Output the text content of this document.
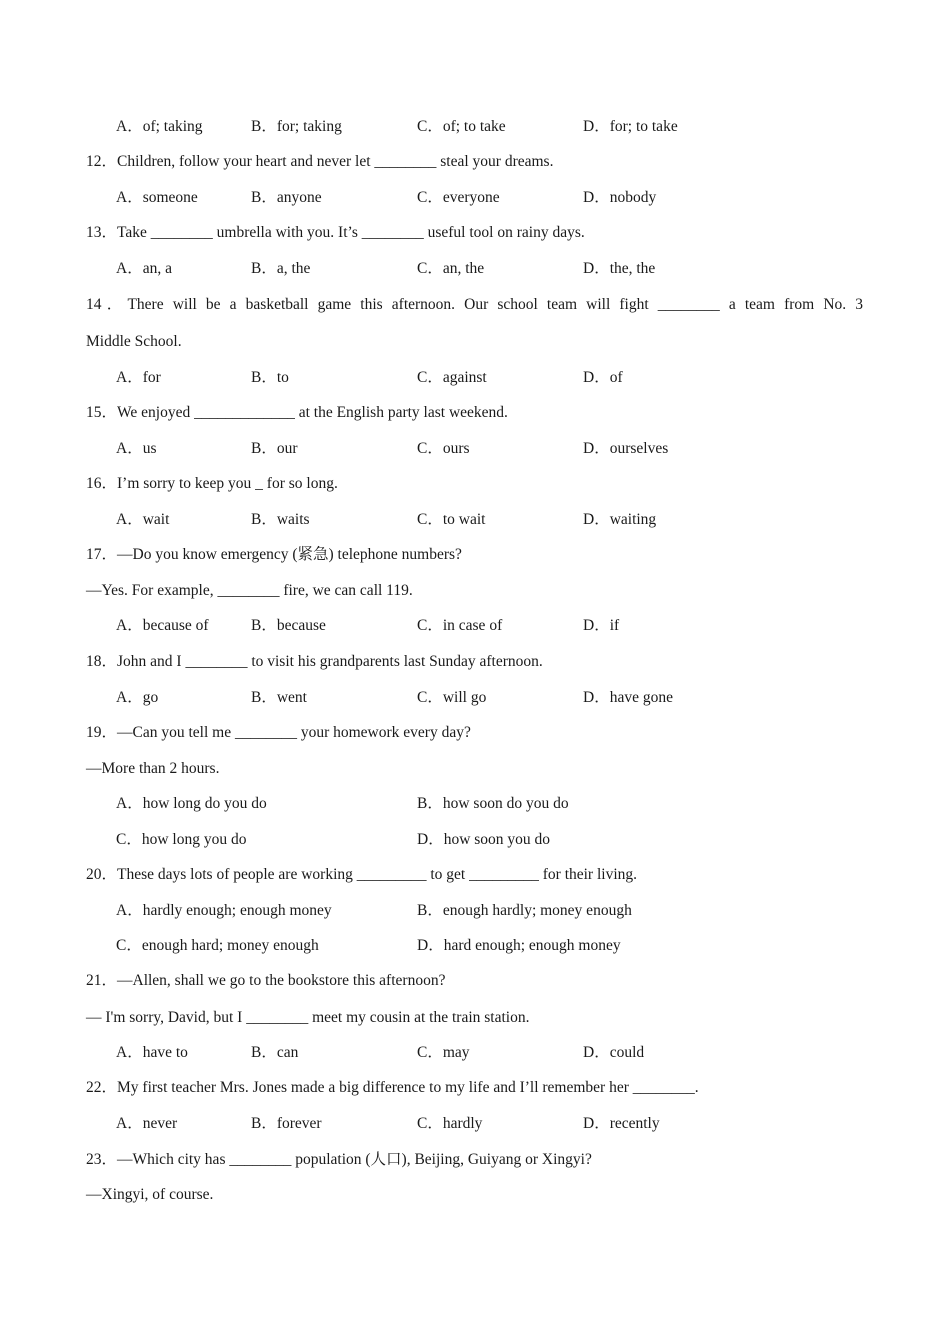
A．of; taking	B．for; taking	C．of; to take	D．for; to take
12．Children, follow your heart and never let ________ steal your dreams.
A．someone	B．anyone	C．everyone	D．nobody
13．Take ________ umbrella with you. It’s ________ useful tool on rainy days.
A．an, a	B．a, the	C．an, the	D．the, the
14．There will be a basketball game this afternoon. Our school team will fight ________ a team from No. 3
Middle School.
A．for	B．to	C．against	D．of
15．We enjoyed _____________ at the English party last weekend.
A．us	B．our	C．ours	D．ourselves
16．I’m sorry to keep you _ for so long.
A．wait	B．waits	C．to wait	D．waiting
17．—Do you know emergency (紧急) telephone numbers?
—Yes. For example, ________ fire, we can call 119.
A．because of	B．because	C．in case of	D．if
18．John and I ________ to visit his grandparents last Sunday afternoon.
A．go	B．went	C．will go	D．have gone
19．—Can you tell me ________ your homework every day?
—More than 2 hours.
A．how long do you do	B．how soon do you do
C．how long you do	D．how soon you do
20．These days lots of people are working _________ to get _________ for their living.
A．hardly enough; enough money	B．enough hardly; money enough
C．enough hard; money enough	D．hard enough; enough money
21．—Allen, shall we go to the bookstore this afternoon?
— I'm sorry, David, but I ________ meet my cousin at the train station.
A．have to	B．can	C．may	D．could
22．My first teacher Mrs. Jones made a big difference to my life and I’ll remember her ________.
A．never	B．forever	C．hardly	D．recently
23．—Which city has ________ population (人口), Beijing, Guiyang or Xingyi?
—Xingyi, of course.
